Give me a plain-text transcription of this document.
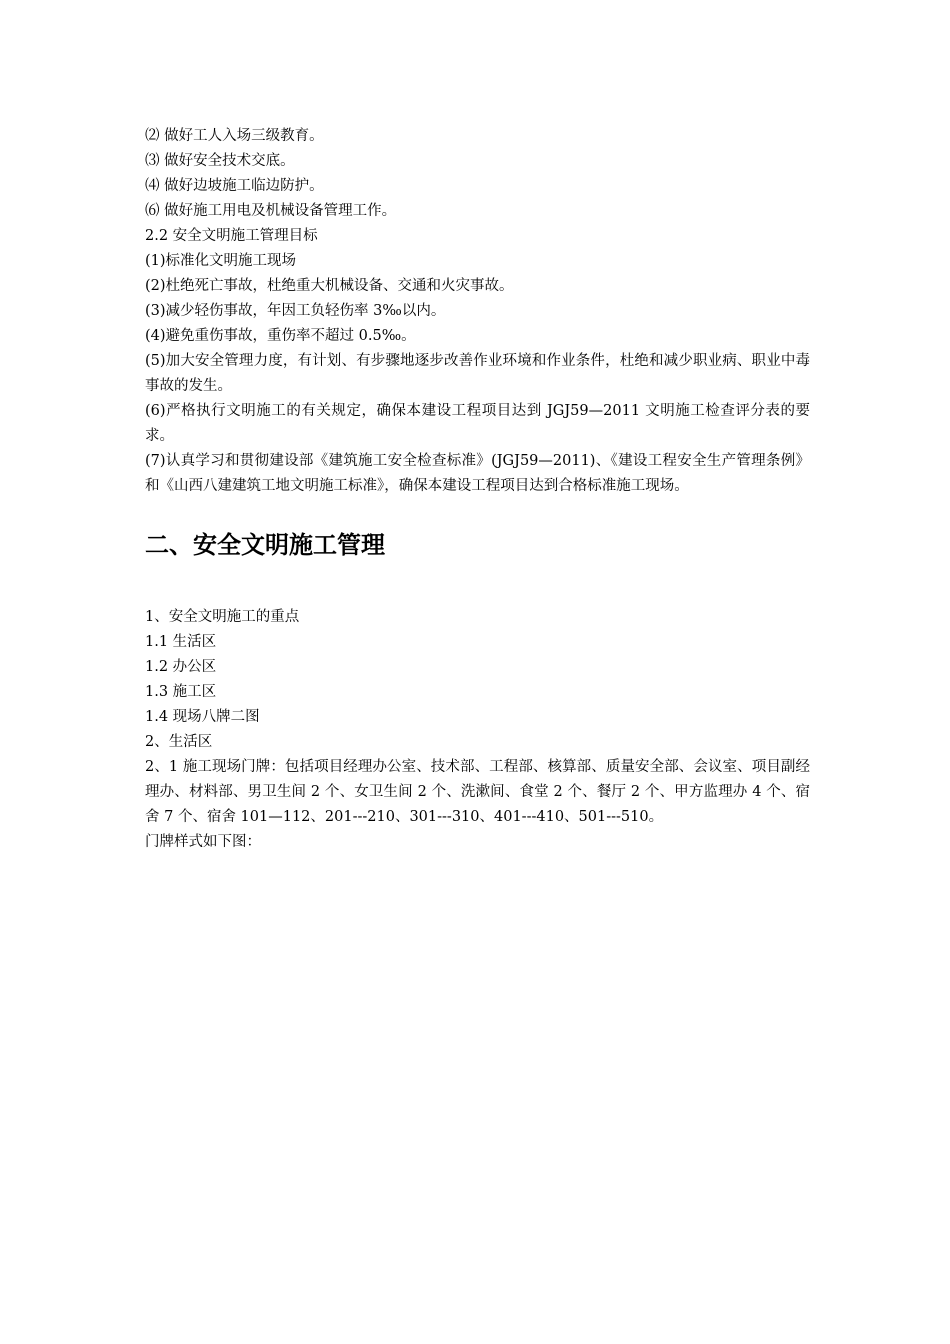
⑵ 做好工人入场三级教育。

⑶ 做好安全技术交底。

⑷ 做好边坡施工临边防护。

⑹ 做好施工用电及机械设备管理工作。

2.2 安全文明施工管理目标

(1)标准化文明施工现场

(2)杜绝死亡事故，杜绝重大机械设备、交通和火灾事故。

(3)减少轻伤事故，年因工负轻伤率 3‰以内。

(4)避免重伤事故，重伤率不超过 0.5‰。

(5)加大安全管理力度，有计划、有步骤地逐步改善作业环境和作业条件，杜绝和减少职业病、职业中毒事故的发生。

(6)严格执行文明施工的有关规定，确保本建设工程项目达到 JGJ59—2011 文明施工检查评分表的要求。

(7)认真学习和贯彻建设部《建筑施工安全检查标准》(JGJ59—2011)、《建设工程安全生产管理条例》和《山西八建建筑工地文明施工标准》，确保本建设工程项目达到合格标准施工现场。

二、安全文明施工管理

1、安全文明施工的重点

1.1 生活区

1.2 办公区

1.3 施工区

1.4 现场八牌二图

2、生活区

2、1 施工现场门牌：包括项目经理办公室、技术部、工程部、核算部、质量安全部、会议室、项目副经理办、材料部、男卫生间 2 个、女卫生间 2 个、洗漱间、食堂 2 个、餐厅 2 个、甲方监理办 4 个、宿舍 7 个、宿舍 101—112、201---210、301---310、401---410、501---510。

门牌样式如下图：
